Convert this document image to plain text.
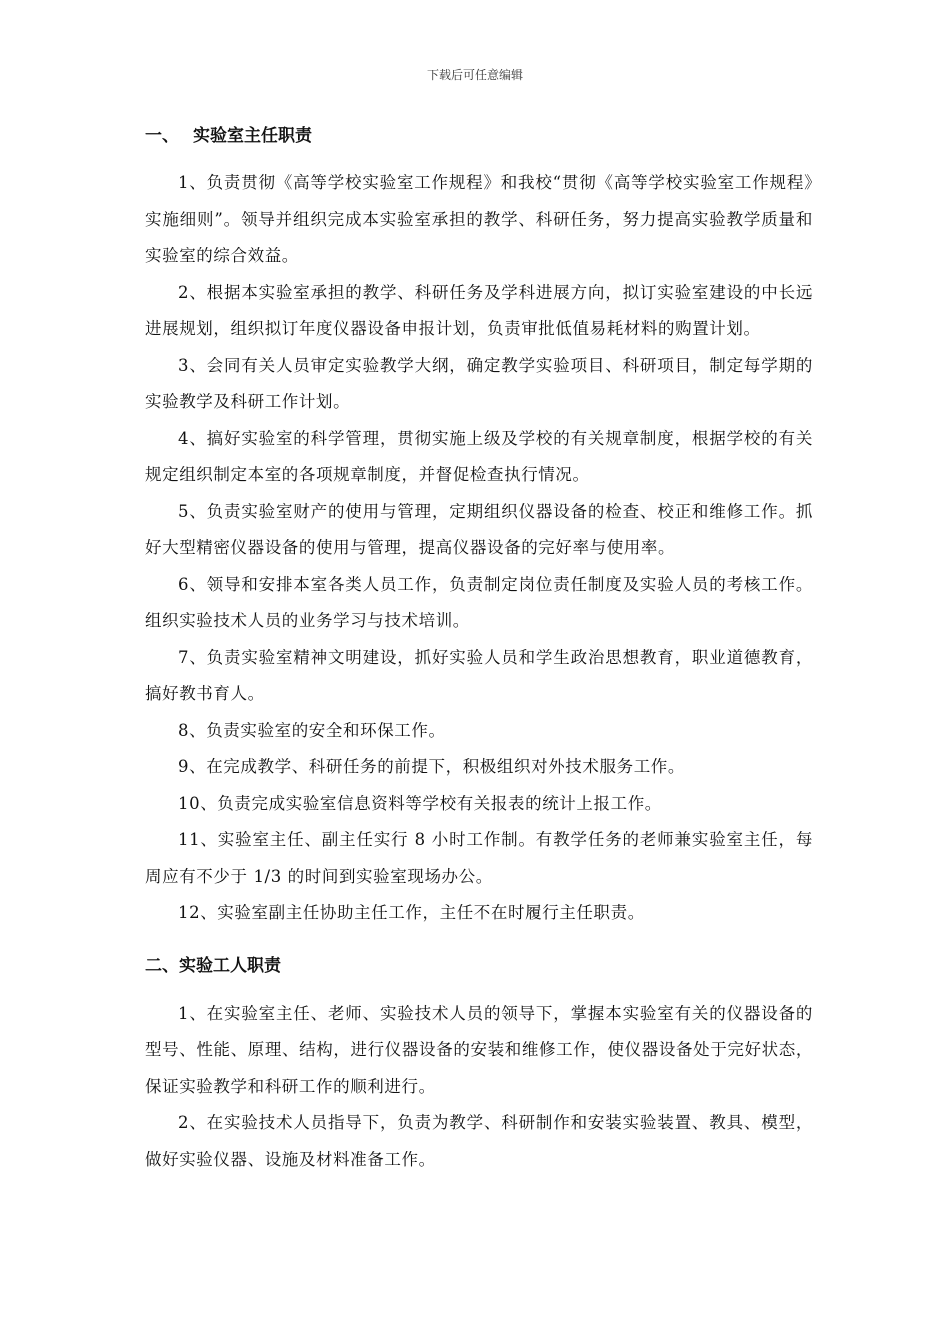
下载后可任意编辑
一、 实验室主任职责

1、负责贯彻《高等学校实验室工作规程》和我校“贯彻《高等学校实验室工作规程》实施细则”。领导并组织完成本实验室承担的教学、科研任务，努力提高实验教学质量和实验室的综合效益。

2、根据本实验室承担的教学、科研任务及学科进展方向，拟订实验室建设的中长远进展规划，组织拟订年度仪器设备申报计划，负责审批低值易耗材料的购置计划。

3、会同有关人员审定实验教学大纲，确定教学实验项目、科研项目，制定每学期的实验教学及科研工作计划。

4、搞好实验室的科学管理，贯彻实施上级及学校的有关规章制度，根据学校的有关规定组织制定本室的各项规章制度，并督促检查执行情况。

5、负责实验室财产的使用与管理，定期组织仪器设备的检查、校正和维修工作。抓好大型精密仪器设备的使用与管理，提高仪器设备的完好率与使用率。

6、领导和安排本室各类人员工作，负责制定岗位责任制度及实验人员的考核工作。组织实验技术人员的业务学习与技术培训。

7、负责实验室精神文明建设，抓好实验人员和学生政治思想教育，职业道德教育，搞好教书育人。

8、负责实验室的安全和环保工作。

9、在完成教学、科研任务的前提下，积极组织对外技术服务工作。

10、负责完成实验室信息资料等学校有关报表的统计上报工作。

11、实验室主任、副主任实行 8 小时工作制。有教学任务的老师兼实验室主任，每周应有不少于 1/3 的时间到实验室现场办公。

12、实验室副主任协助主任工作，主任不在时履行主任职责。

二、实验工人职责

1、在实验室主任、老师、实验技术人员的领导下，掌握本实验室有关的仪器设备的型号、性能、原理、结构，进行仪器设备的安装和维修工作，使仪器设备处于完好状态，保证实验教学和科研工作的顺利进行。

2、在实验技术人员指导下，负责为教学、科研制作和安装实验装置、教具、模型，做好实验仪器、设施及材料准备工作。
